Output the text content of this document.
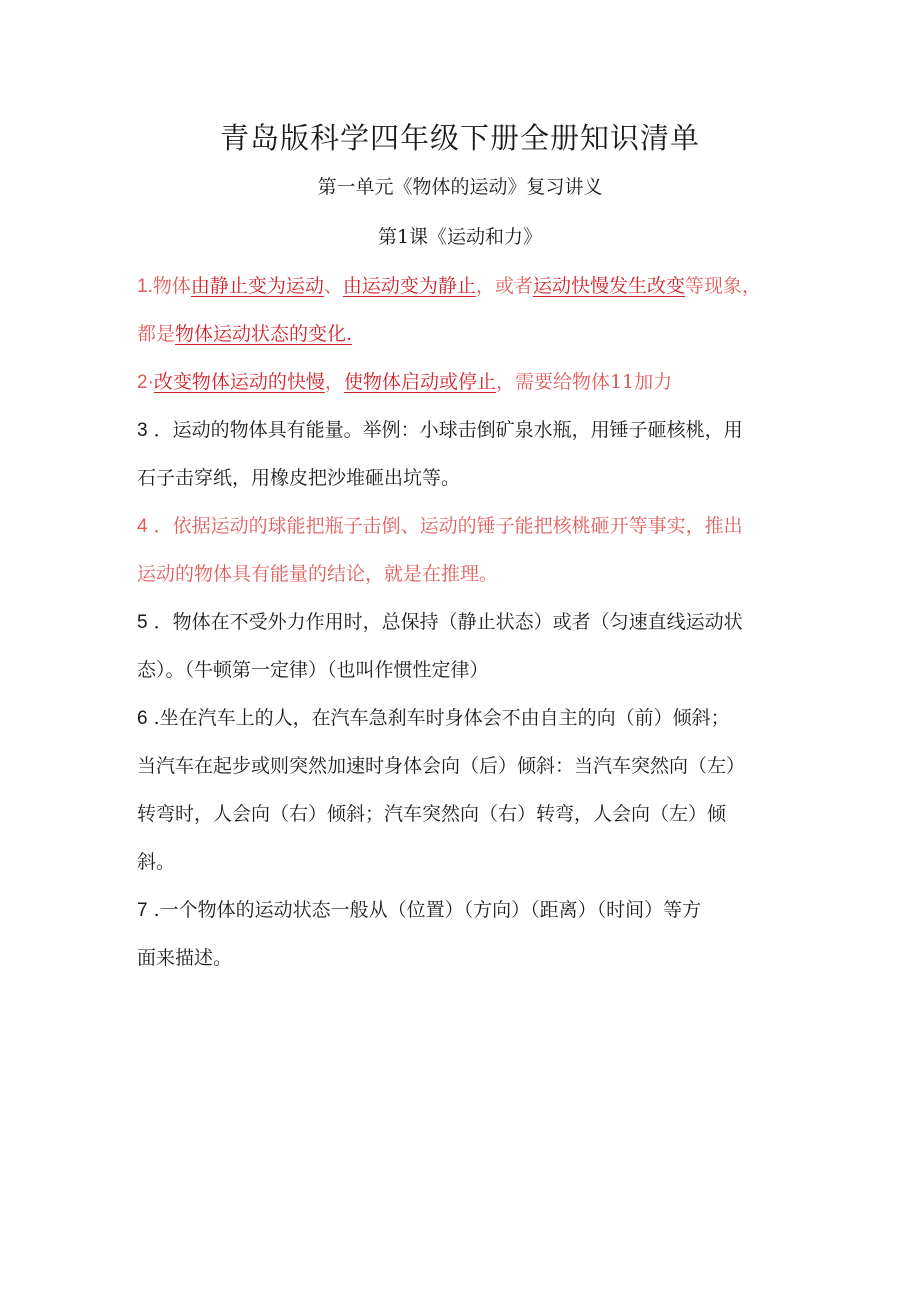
青岛版科学四年级下册全册知识清单
第一单元《物体的运动》复习讲义
第1课《运动和力》
1.物体由静止变为运动、由运动变为静止，或者运动快慢发生改变等现象，
都是物体运动状态的变化.
2·改变物体运动的快慢，使物体启动或停止，需要给物体11加力
3 ．运动的物体具有能量。举例：小球击倒矿泉水瓶，用锤子砸核桃，用
石子击穿纸，用橡皮把沙堆砸出坑等。
4 ．依据运动的球能把瓶子击倒、运动的锤子能把核桃砸开等事实，推出
运动的物体具有能量的结论，就是在推理。
5 ．物体在不受外力作用时，总保持（静止状态）或者（匀速直线运动状
态）。（牛顿第一定律）（也叫作惯性定律）
6 .坐在汽车上的人，在汽车急刹车时身体会不由自主的向（前）倾斜；
当汽车在起步或则突然加速时身体会向（后）倾斜：当汽车突然向（左）
转弯时，人会向（右）倾斜；汽车突然向（右）转弯，人会向（左）倾
斜。
7 .一个物体的运动状态一般从（位置）（方向）（距离）（时间）等方
面来描述。
